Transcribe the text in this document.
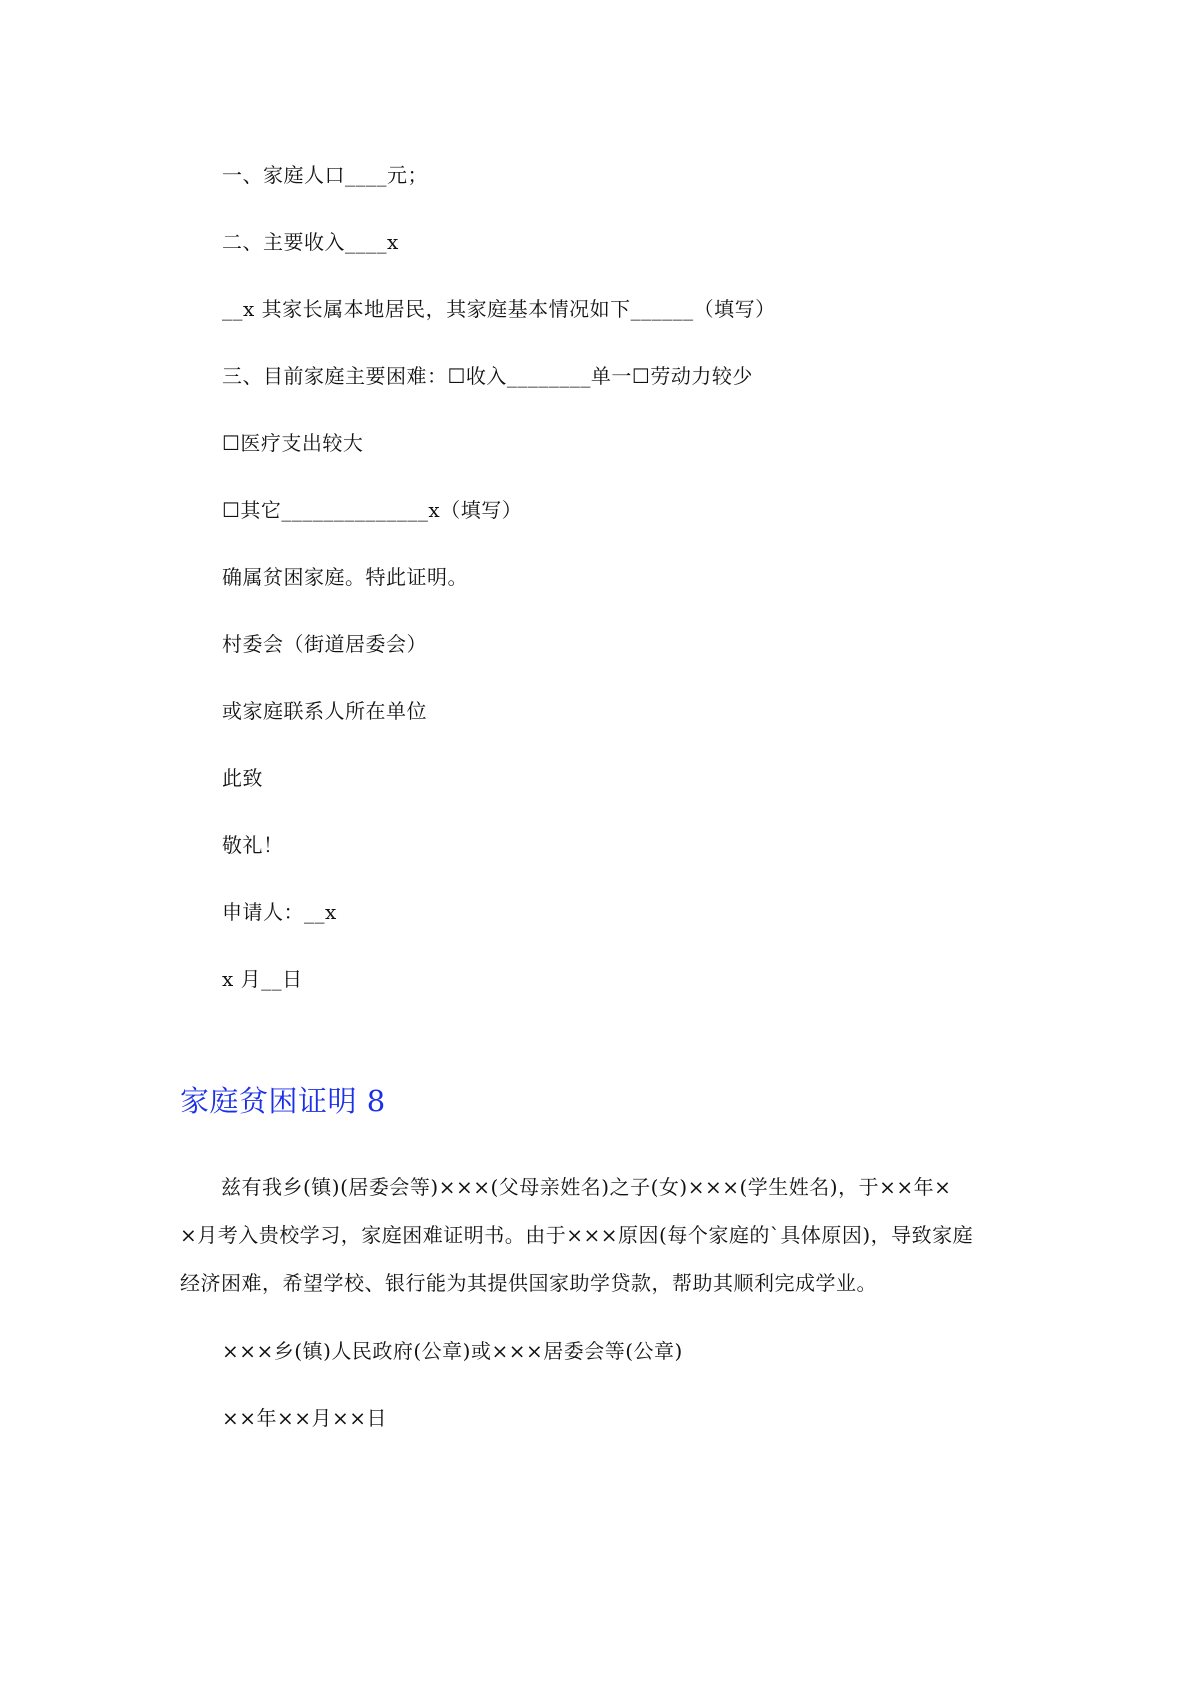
一、家庭人口____元；
二、主要收入____x
__x 其家长属本地居民，其家庭基本情况如下______（填写）
三、目前家庭主要困难：☐收入________单一☐劳动力较少
☐医疗支出较大
☐其它______________x（填写）
确属贫困家庭。特此证明。
村委会（街道居委会）
或家庭联系人所在单位
此致
敬礼！
申请人：__x
x 月__日
家庭贫困证明 8
　　兹有我乡(镇)(居委会等)×××(父母亲姓名)之子(女)×××(学生姓名)，于××年×
×月考入贵校学习，家庭困难证明书。由于×××原因(每个家庭的`具体原因)，导致家庭
经济困难，希望学校、银行能为其提供国家助学贷款，帮助其顺利完成学业。
×××乡(镇)人民政府(公章)或×××居委会等(公章)
××年××月××日
